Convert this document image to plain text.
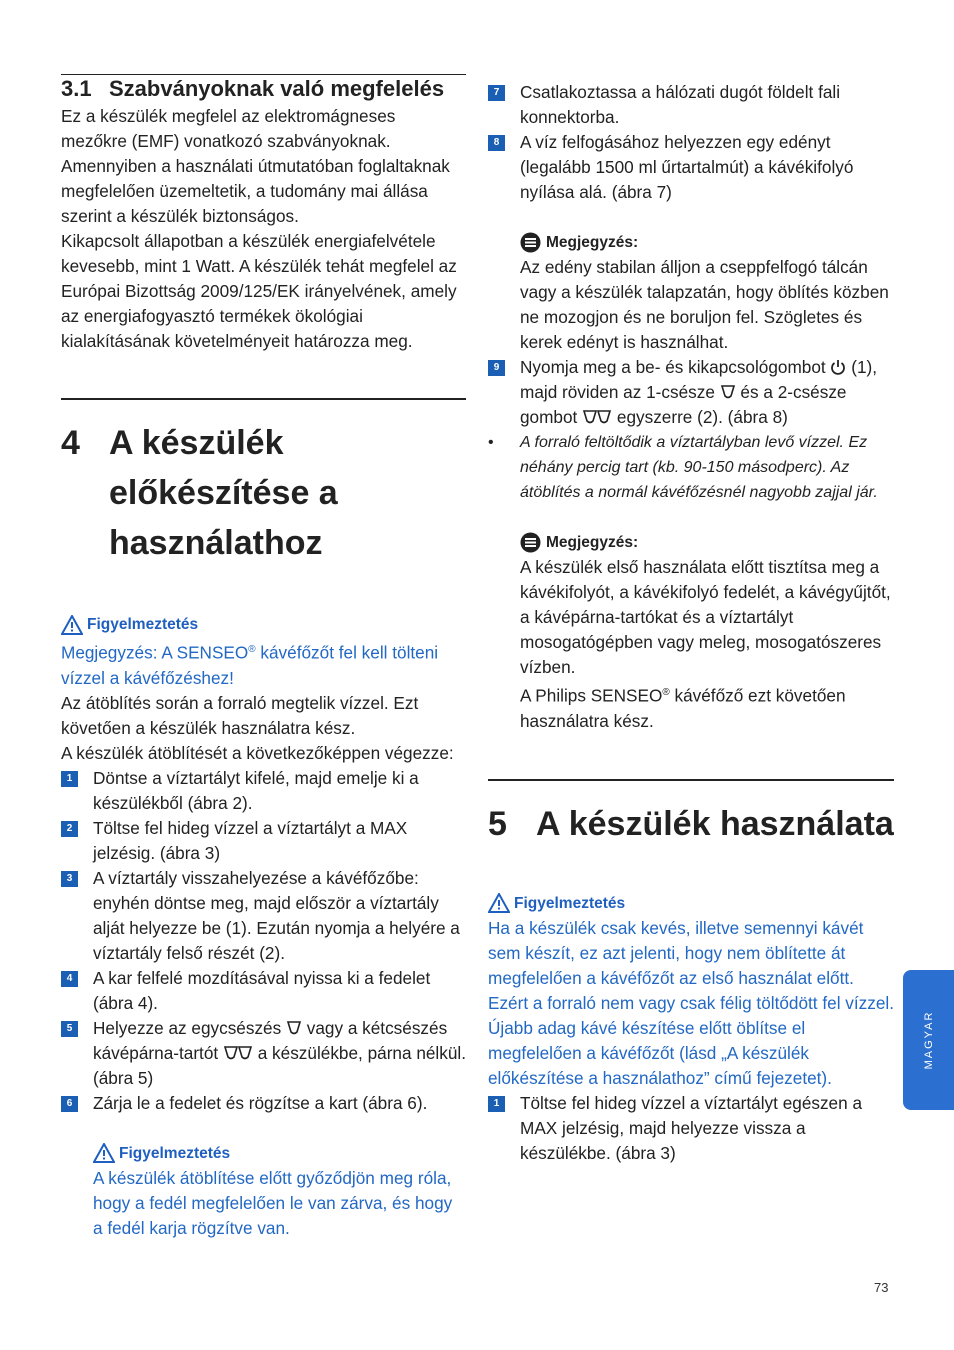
3.1 Szabványoknak való megfelelés

Ez a készülék megfelel az elektromágneses mezőkre (EMF) vonatkozó szabványoknak. Amennyiben a használati útmutatóban foglaltaknak megfelelően üzemeltetik, a tudomány mai állása szerint a készülék biztonságos.

Kikapcsolt állapotban a készülék energiafelvétele kevesebb, mint 1 Watt. A készülék tehát megfelel az Európai Bizottság 2009/125/EK irányelvének, amely az energiafogyasztó termékek ökológiai kialakításának követelményeit határozza meg.

4 A készülék előkészítése a használathoz
Figyelmeztetés

Megjegyzés: A SENSEO® kávéfőzőt fel kell tölteni vízzel a kávéfőzéshez!

Az átöblítés során a forraló megtelik vízzel. Ezt követően a készülék használatra kész.

A készülék átöblítését a következőképpen végezze:

1	Döntse a víztartályt kifelé, majd emelje ki a készülékből (ábra 2).

2	Töltse fel hideg vízzel a víztartályt a MAX jelzésig. (ábra 3)

3	A víztartály visszahelyezése a kávéfőzőbe: enyhén döntse meg, majd először a víztartály alját helyezze be (1). Ezután nyomja a helyére a víztartály felső részét (2).

4	A kar felfelé mozdításával nyissa ki a fedelet (ábra 4).

5	Helyezze az egycsészés  vagy a kétcsészés kávépárna-tartót  a készülékbe, párna nélkül. (ábra 5)

6	Zárja le a fedelet és rögzítse a kart (ábra 6).

Figyelmeztetés

A készülék átöblítése előtt győződjön meg róla, hogy a fedél megfelelően le van zárva, és hogy a fedél karja rögzítve van.

7	Csatlakoztassa a hálózati dugót földelt fali konnektorba.

8	A víz felfogásához helyezzen egy edényt (legalább 1500 ml űrtartalmút) a kávékifolyó nyílása alá. (ábra 7)

Megjegyzés:

Az edény stabilan álljon a cseppfelfogó tálcán vagy a készülék talapzatán, hogy öblítés közben ne mozogjon és ne boruljon fel. Szögletes és kerek edényt is használhat.

9	Nyomja meg a be- és kikapcsológombot  (1), majd röviden az 1-csésze  és a 2-csésze gombot  egyszerre (2). (ábra 8)

• A forraló feltöltődik a víztartályban levő vízzel. Ez néhány percig tart (kb. 90-150 másodperc). Az átöblítés a normál kávéfőzésnél nagyobb zajjal jár.

Megjegyzés:

A készülék első használata előtt tisztítsa meg a kávékifolyót, a kávékifolyó fedelét, a kávégyűjtőt, a kávépárna-tartókat és a víztartályt mosogatógépben vagy meleg, mosogatószeres vízben.

A Philips SENSEO® kávéfőző ezt követően használatra kész.

5 A készülék használata
Figyelmeztetés

Ha a készülék csak kevés, illetve semennyi kávét sem készít, ez azt jelenti, hogy nem öblítette át megfelelően a kávéfőzőt az első használat előtt. Ezért a forraló nem vagy csak félig töltődött fel vízzel. Újabb adag kávé készítése előtt öblítse el megfelelően a kávéfőzőt (lásd „A készülék előkészítése a használathoz” című fejezetet).

1	Töltse fel hideg vízzel a víztartályt egészen a MAX jelzésig, majd helyezze vissza a készülékbe. (ábra 3)

MAGYAR
73
